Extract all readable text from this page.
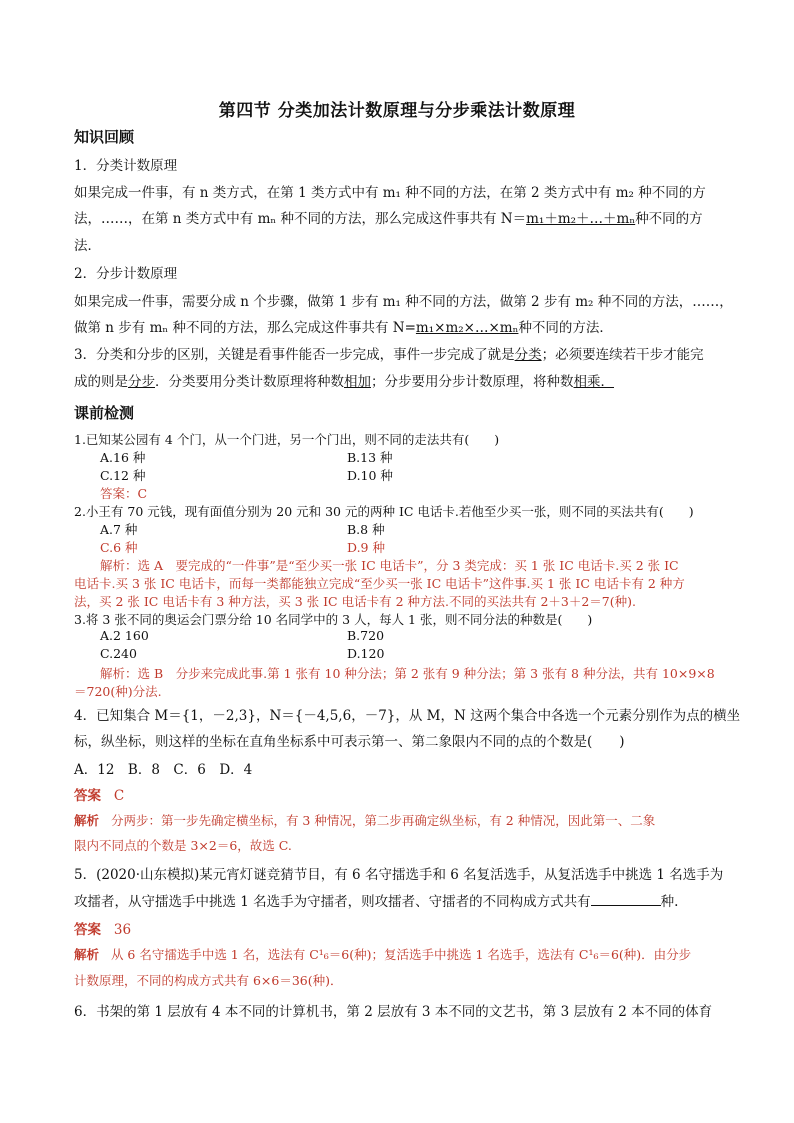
第四节 分类加法计数原理与分步乘法计数原理
知识回顾
1．分类计数原理
如果完成一件事，有 n 类方式，在第 1 类方式中有 m₁ 种不同的方法，在第 2 类方式中有 m₂ 种不同的方
法，……，在第 n 类方式中有 mₙ 种不同的方法，那么完成这件事共有 N＝m₁＋m₂＋…＋mₙ种不同的方
法．
2．分步计数原理
如果完成一件事，需要分成 n 个步骤，做第 1 步有 m₁ 种不同的方法，做第 2 步有 m₂ 种不同的方法，……，
做第 n 步有 mₙ 种不同的方法，那么完成这件事共有 N=m₁×m₂×…×mₙ种不同的方法．
3．分类和分步的区别，关键是看事件能否一步完成，事件一步完成了就是分类；必须要连续若干步才能完
成的则是分步．分类要用分类计数原理将种数相加；分步要用分步计数原理，将种数相乘．
课前检测
1.已知某公园有 4 个门，从一个门进，另一个门出，则不同的走法共有(　　)
A.16 种	B.13 种
C.12 种	D.10 种
答案：C
2.小王有 70 元钱，现有面值分别为 20 元和 30 元的两种 IC 电话卡.若他至少买一张，则不同的买法共有(　　)
A.7 种	B.8 种
C.6 种	D.9 种
解析：选 A　要完成的“一件事”是“至少买一张 IC 电话卡”，分 3 类完成：买 1 张 IC 电话卡.买 2 张 IC
电话卡.买 3 张 IC 电话卡，而每一类都能独立完成“至少买一张 IC 电话卡”这件事.买 1 张 IC 电话卡有 2 种方
法，买 2 张 IC 电话卡有 3 种方法，买 3 张 IC 电话卡有 2 种方法.不同的买法共有 2＋3＋2＝7(种).
3.将 3 张不同的奥运会门票分给 10 名同学中的 3 人，每人 1 张，则不同分法的种数是(　　)
A.2 160	B.720
C.240	D.120
解析：选 B　分步来完成此事.第 1 张有 10 种分法；第 2 张有 9 种分法；第 3 张有 8 种分法，共有 10×9×8
＝720(种)分法.
4．已知集合 M＝{1，－2,3}，N＝{－4,5,6，－7}，从 M，N 这两个集合中各选一个元素分别作为点的横坐
标，纵坐标，则这样的坐标在直角坐标系中可表示第一、第二象限内不同的点的个数是(　　)
A．12　B．8　C．6　D．4
答案 C
解析 分两步：第一步先确定横坐标，有 3 种情况，第二步再确定纵坐标，有 2 种情况，因此第一、二象
限内不同点的个数是 3×2＝6，故选 C.
5．(2020·山东模拟)某元宵灯谜竞猜节目，有 6 名守擂选手和 6 名复活选手，从复活选手中挑选 1 名选手为
攻擂者，从守擂选手中挑选 1 名选手为守擂者，则攻擂者、守擂者的不同构成方式共有	种.
答案 36
解析 从 6 名守擂选手中选 1 名，选法有 C¹₆＝6(种)；复活选手中挑选 1 名选手，选法有 C¹₆＝6(种)．由分步
计数原理，不同的构成方式共有 6×6＝36(种)．
6．书架的第 1 层放有 4 本不同的计算机书，第 2 层放有 3 本不同的文艺书，第 3 层放有 2 本不同的体育
